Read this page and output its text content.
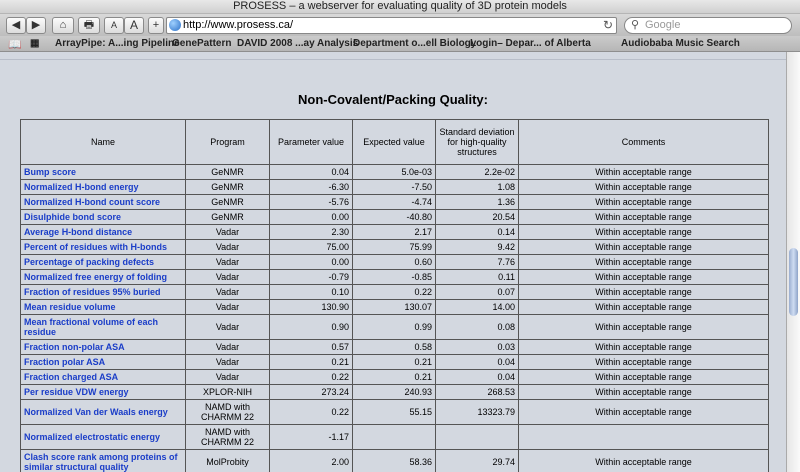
PROSESS – a webserver for evaluating quality of 3D protein models
◀	▶	⌂	🖶	A	A	+	http://www.prosess.ca/	↻ ⚲ Google
📖 ▦ ArrayPipe: A...ing Pipeline
GenePattern DAVID 2008 ...ay Analysis
Department o...ell Biology
Login– Depar... of Alberta	Audiobaba Music Search
Non-Covalent/Packing Quality:
Name	Program	Parameter value	Expected value	Standard deviation for high-quality structures	Comments
Bump score	GeNMR	0.04	5.0e-03	2.2e-02	Within acceptable range
Normalized H-bond energy	GeNMR	-6.30	-7.50	1.08	Within acceptable range
Normalized H-bond count score	GeNMR	-5.76	-4.74	1.36	Within acceptable range
Disulphide bond score	GeNMR	0.00	-40.80	20.54	Within acceptable range
Average H-bond distance	Vadar	2.30	2.17	0.14	Within acceptable range
Percent of residues with H-bonds	Vadar	75.00	75.99	9.42	Within acceptable range
Percentage of packing defects	Vadar	0.00	0.60	7.76	Within acceptable range
Normalized free energy of folding	Vadar	-0.79	-0.85	0.11	Within acceptable range
Fraction of residues 95% buried	Vadar	0.10	0.22	0.07	Within acceptable range
Mean residue volume	Vadar	130.90	130.07	14.00	Within acceptable range
Mean fractional volume of each residue	Vadar	0.90	0.99	0.08	Within acceptable range
Fraction non-polar ASA	Vadar	0.57	0.58	0.03	Within acceptable range
Fraction polar ASA	Vadar	0.21	0.21	0.04	Within acceptable range
Fraction charged ASA	Vadar	0.22	0.21	0.04	Within acceptable range
Per residue VDW energy	XPLOR-NIH	273.24	240.93	268.53	Within acceptable range
Normalized Van der Waals energy	NAMD with CHARMM 22	0.22	55.15	13323.79	Within acceptable range
Normalized electrostatic energy	NAMD with CHARMM 22	-1.17			
Clash score rank among proteins of similar structural quality	MolProbity	2.00	58.36	29.74	Within acceptable range
